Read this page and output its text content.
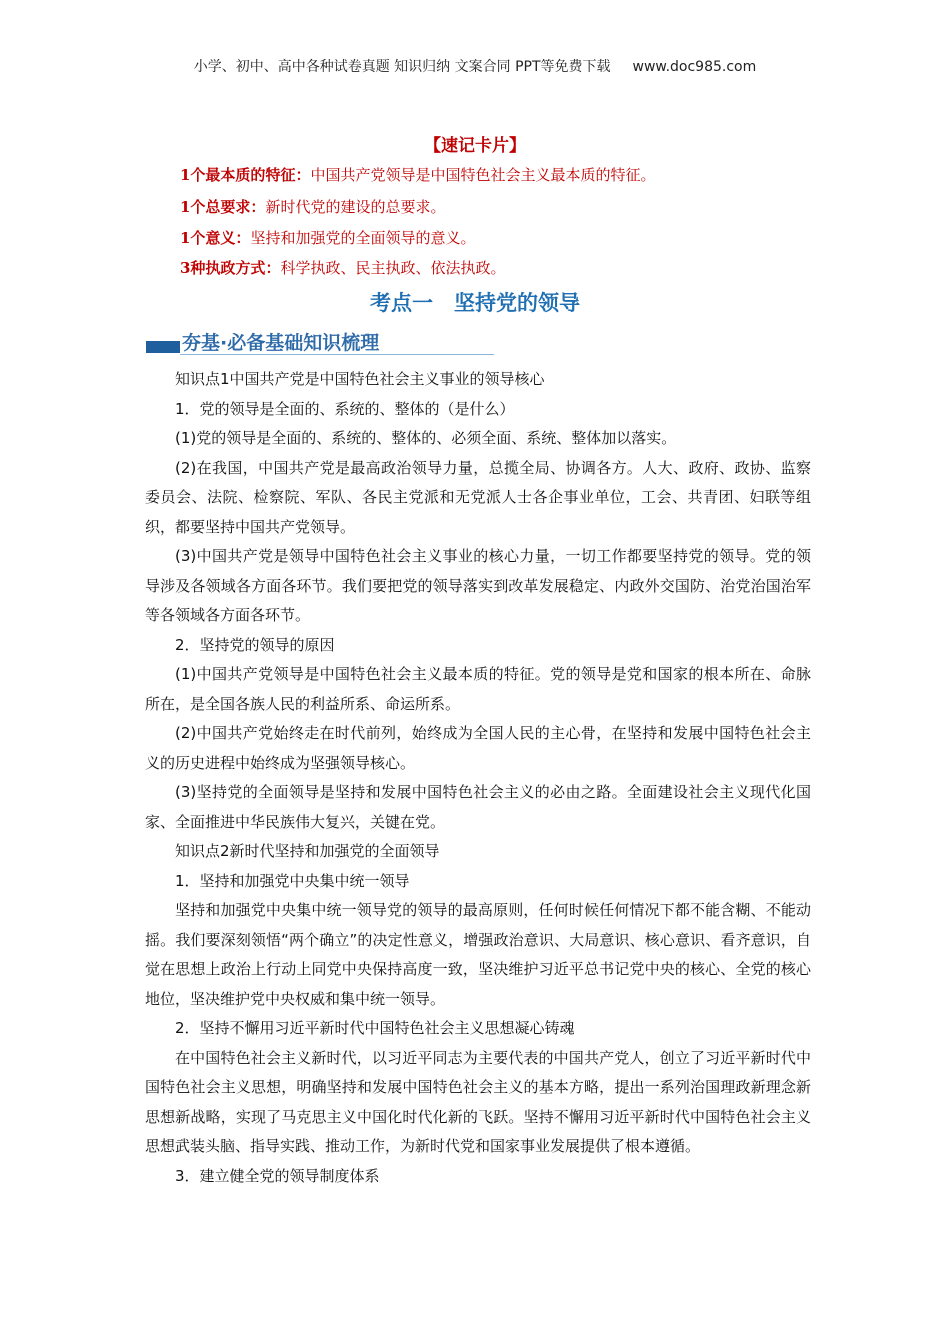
小学、初中、高中各种试卷真题 知识归纳 文案合同 PPT等免费下载 www.doc985.com
【速记卡片】
1个最本质的特征：中国共产党领导是中国特色社会主义最本质的特征。
1个总要求：新时代党的建设的总要求。
1个意义：坚持和加强党的全面领导的意义。
3种执政方式：科学执政、民主执政、依法执政。
考点一　坚持党的领导
夯基·必备基础知识梳理

知识点1中国共产党是中国特色社会主义事业的领导核心

1．党的领导是全面的、系统的、整体的（是什么）

(1)党的领导是全面的、系统的、整体的、必须全面、系统、整体加以落实。

(2)在我国，中国共产党是最高政治领导力量，总揽全局、协调各方。人大、政府、政协、监察委员会、法院、检察院、军队、各民主党派和无党派人士各企事业单位，工会、共青团、妇联等组织，都要坚持中国共产党领导。

(3)中国共产党是领导中国特色社会主义事业的核心力量，一切工作都要坚持党的领导。党的领导涉及各领域各方面各环节。我们要把党的领导落实到改革发展稳定、内政外交国防、治党治国治军等各领域各方面各环节。

2．坚持党的领导的原因

(1)中国共产党领导是中国特色社会主义最本质的特征。党的领导是党和国家的根本所在、命脉所在，是全国各族人民的利益所系、命运所系。

(2)中国共产党始终走在时代前列，始终成为全国人民的主心骨，在坚持和发展中国特色社会主义的历史进程中始终成为坚强领导核心。

(3)坚持党的全面领导是坚持和发展中国特色社会主义的必由之路。全面建设社会主义现代化国家、全面推进中华民族伟大复兴，关键在党。

知识点2新时代坚持和加强党的全面领导

1．坚持和加强党中央集中统一领导

坚持和加强党中央集中统一领导党的领导的最高原则，任何时候任何情况下都不能含糊、不能动摇。我们要深刻领悟“两个确立”的决定性意义，增强政治意识、大局意识、核心意识、看齐意识，自觉在思想上政治上行动上同党中央保持高度一致，坚决维护习近平总书记党中央的核心、全党的核心地位，坚决维护党中央权威和集中统一领导。

2．坚持不懈用习近平新时代中国特色社会主义思想凝心铸魂

在中国特色社会主义新时代，以习近平同志为主要代表的中国共产党人，创立了习近平新时代中国特色社会主义思想，明确坚持和发展中国特色社会主义的基本方略，提出一系列治国理政新理念新思想新战略，实现了马克思主义中国化时代化新的飞跃。坚持不懈用习近平新时代中国特色社会主义思想武装头脑、指导实践、推动工作，为新时代党和国家事业发展提供了根本遵循。

3．建立健全党的领导制度体系
